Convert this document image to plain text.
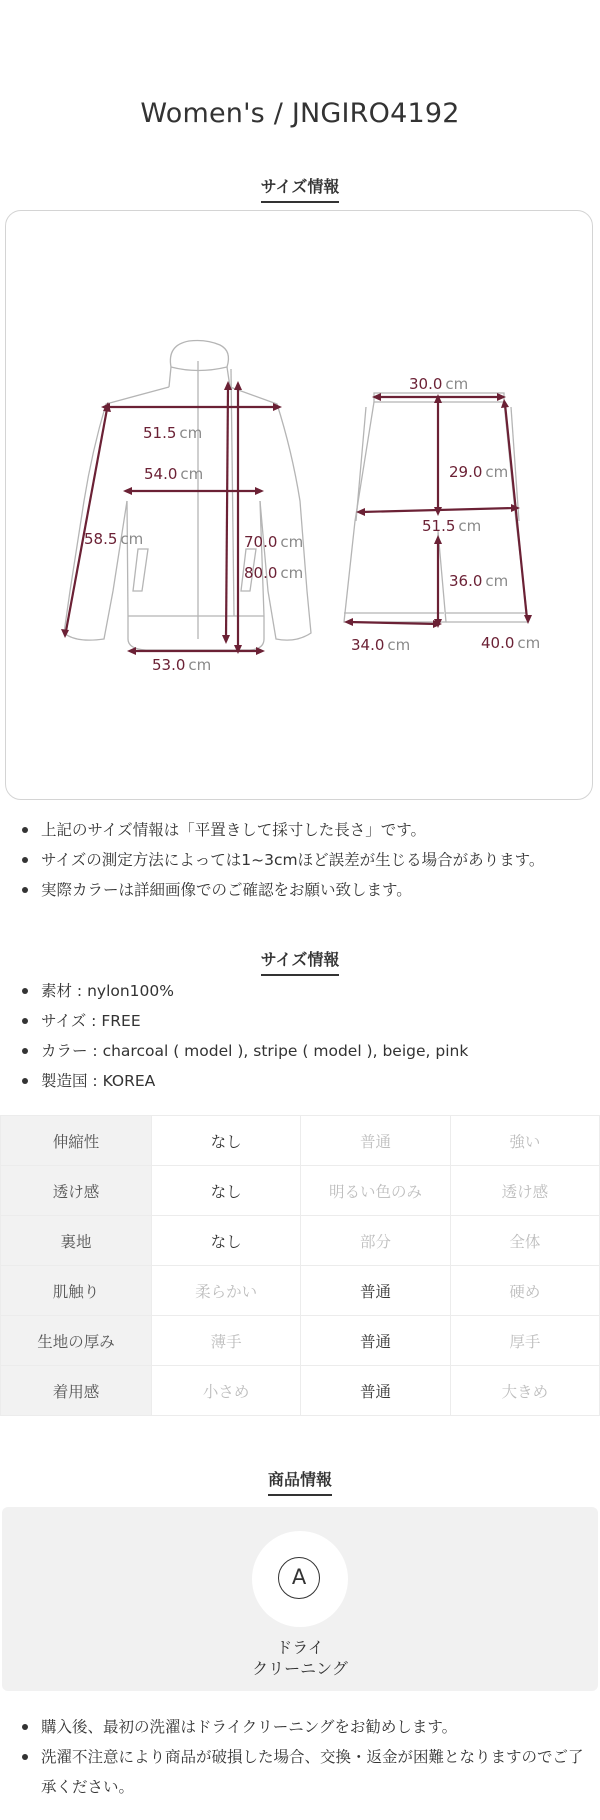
Women's / JNGIRO4192
サイズ情報
51.5 cm
54.0 cm
58.5 cm	70.0 cm
80.0 cm
53.0 cm
30.0 cm
29.0 cm
51.5 cm
36.0 cm
34.0 cm	40.0 cm
上記のサイズ情報は「平置きして採寸した長さ」です。
サイズの測定方法によっては1~3cmほど誤差が生じる場合があります。
実際カラーは詳細画像でのご確認をお願い致します。
サイズ情報
素材 : nylon100%
サイズ : FREE
カラー : charcoal ( model ), stripe ( model ), beige, pink
製造国 : KOREA
伸縮性	なし	普通	強い
透け感	なし	明るい色のみ	透け感
裏地	なし	部分	全体
肌触り	柔らかい	普通	硬め
生地の厚み	薄手	普通	厚手
着用感	小さめ	普通	大きめ
商品情報
A
ドライ
クリーニング
購入後、最初の洗濯はドライクリーニングをお勧めします。
洗濯不注意により商品が破損した場合、交換・返金が困難となりますのでご了承ください。
